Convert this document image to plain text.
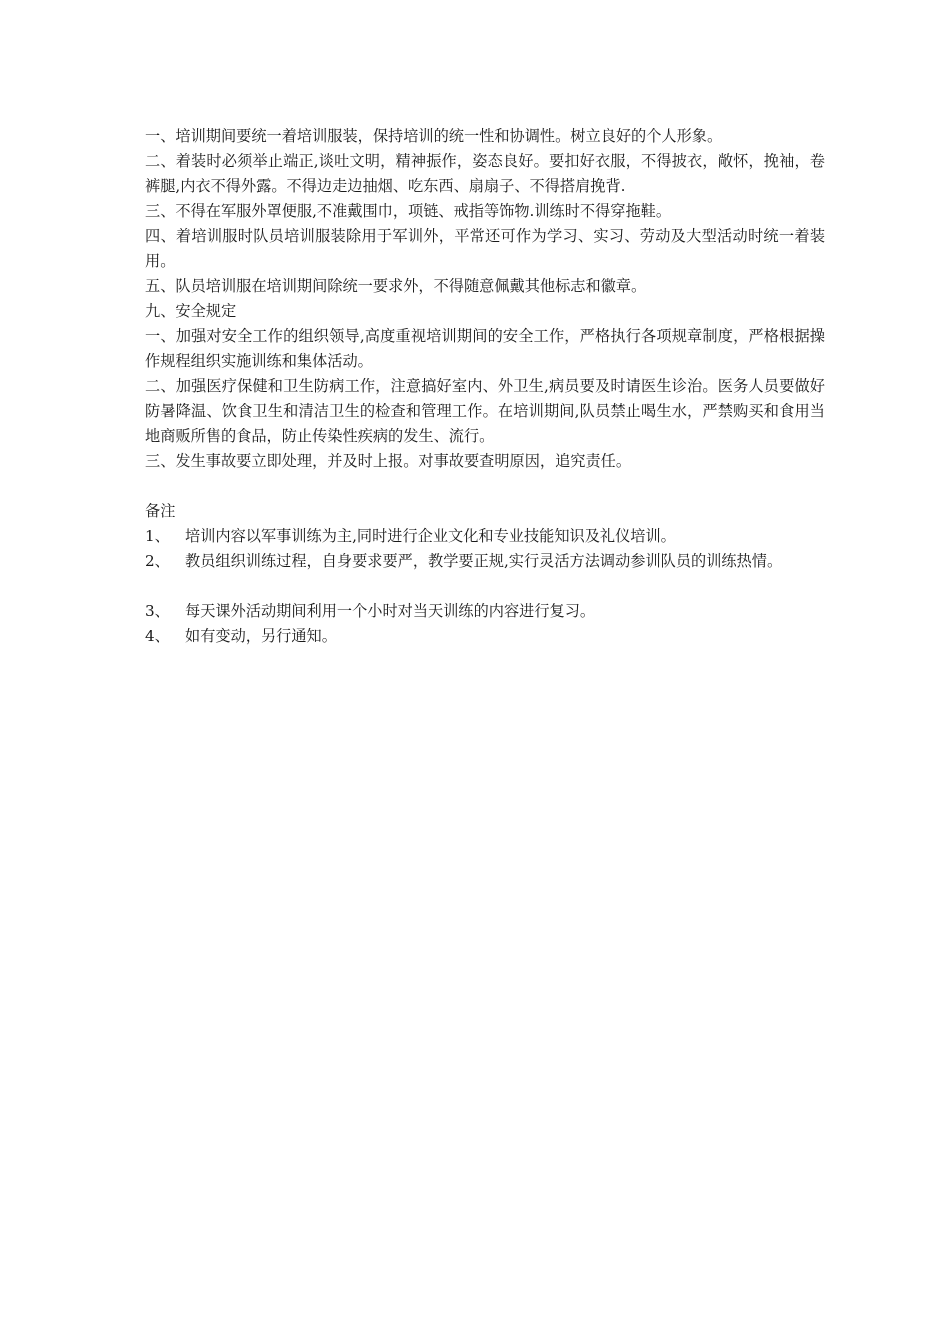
一、培训期间要统一着培训服装，保持培训的统一性和协调性。树立良好的个人形象。

二、着装时必须举止端正,谈吐文明，精神振作，姿态良好。要扣好衣服，不得披衣，敞怀，挽袖，卷裤腿,内衣不得外露。不得边走边抽烟、吃东西、扇扇子、不得搭肩挽背.

三、不得在军服外罩便服,不准戴围巾，项链、戒指等饰物.训练时不得穿拖鞋。

四、着培训服时队员培训服装除用于军训外，平常还可作为学习、实习、劳动及大型活动时统一着装用。

五、队员培训服在培训期间除统一要求外，不得随意佩戴其他标志和徽章。

九、安全规定

一、加强对安全工作的组织领导,高度重视培训期间的安全工作，严格执行各项规章制度，严格根据操作规程组织实施训练和集体活动。

二、加强医疗保健和卫生防病工作，注意搞好室内、外卫生,病员要及时请医生诊治。医务人员要做好防暑降温、饮食卫生和清洁卫生的检查和管理工作。在培训期间,队员禁止喝生水，严禁购买和食用当地商贩所售的食品，防止传染性疾病的发生、流行。

三、发生事故要立即处理，并及时上报。对事故要查明原因，追究责任。

备注

1、 培训内容以军事训练为主,同时进行企业文化和专业技能知识及礼仪培训。

2、 教员组织训练过程，自身要求要严，教学要正规,实行灵活方法调动参训队员的训练热情。

3、 每天课外活动期间利用一个小时对当天训练的内容进行复习。

4、 如有变动，另行通知。
